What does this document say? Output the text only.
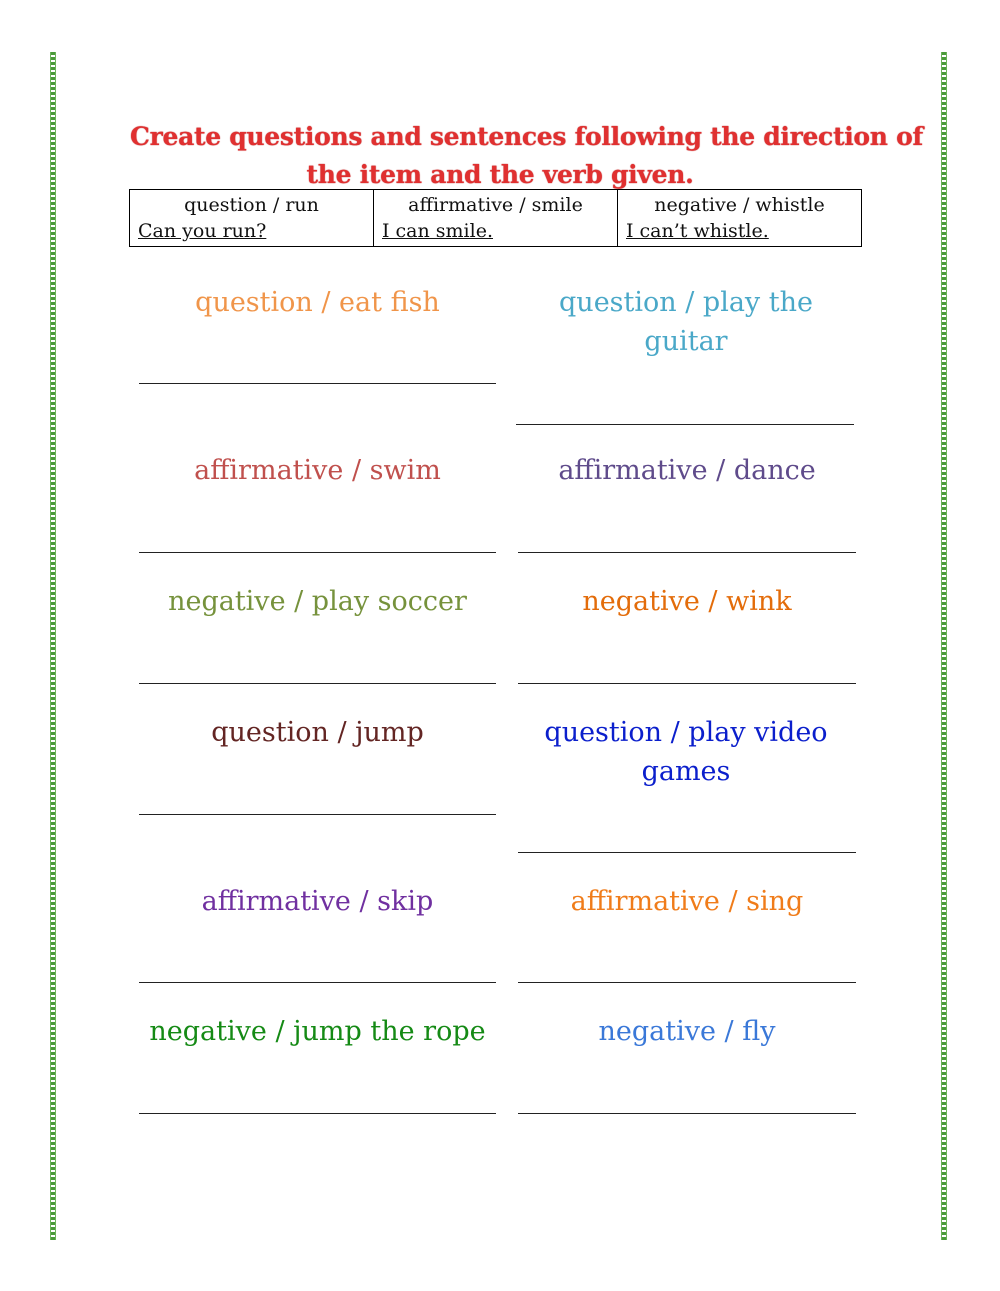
Create questions and sentences following the direction of
the item and the verb given.
question / run
Can you run?

affirmative / smile
I can smile.

negative / whistle
I can’t whistle.
question / eat fish
affirmative / swim
negative / play soccer
question / jump
affirmative / skip
negative / jump the rope
question / play the guitar
affirmative / dance
negative / wink
question / play video games
affirmative / sing
negative / fly
